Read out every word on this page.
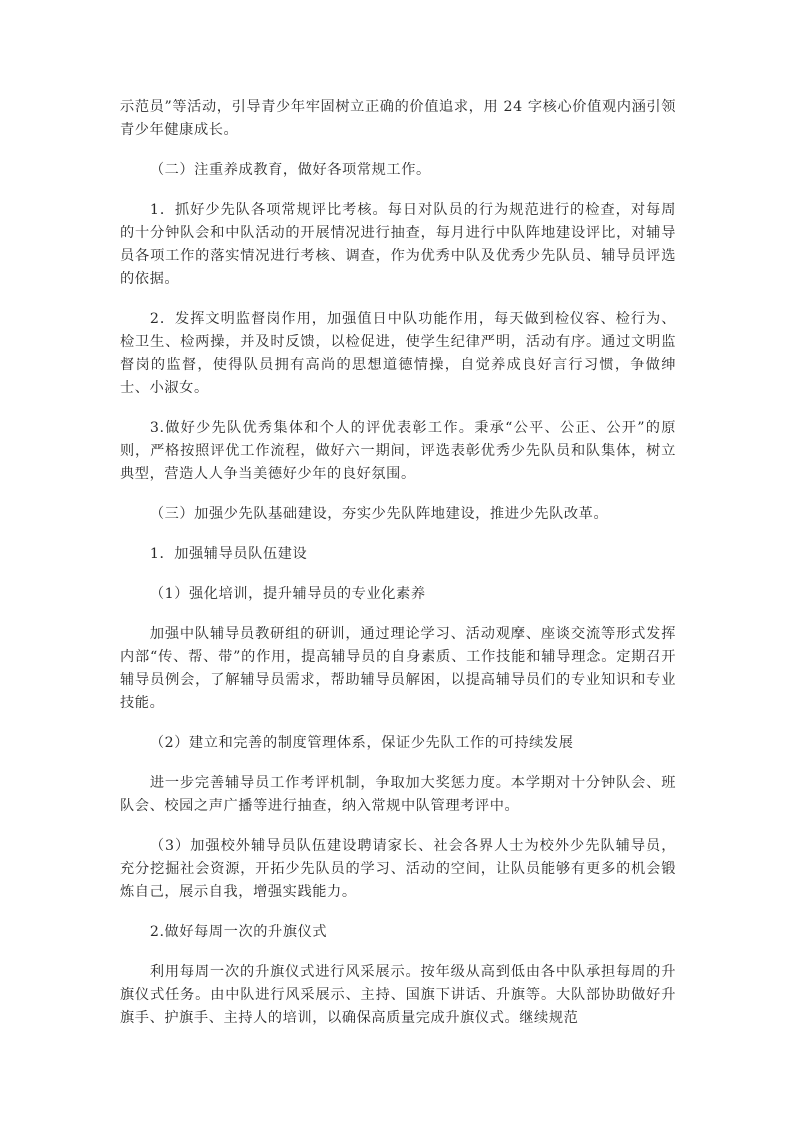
示范员”等活动，引导青少年牢固树立正确的价值追求，用 24 字核心价值观内涵引领青少年健康成长。

（二）注重养成教育，做好各项常规工作。

1．抓好少先队各项常规评比考核。每日对队员的行为规范进行的检查，对每周的十分钟队会和中队活动的开展情况进行抽查，每月进行中队阵地建设评比，对辅导员各项工作的落实情况进行考核、调查，作为优秀中队及优秀少先队员、辅导员评选的依据。

2．发挥文明监督岗作用，加强值日中队功能作用，每天做到检仪容、检行为、检卫生、检两操，并及时反馈，以检促进，使学生纪律严明，活动有序。通过文明监督岗的监督，使得队员拥有高尚的思想道德情操，自觉养成良好言行习惯，争做绅士、小淑女。

3.做好少先队优秀集体和个人的评优表彰工作。秉承“公平、公正、公开”的原则，严格按照评优工作流程，做好六一期间，评选表彰优秀少先队员和队集体，树立典型，营造人人争当美德好少年的良好氛围。

（三）加强少先队基础建设，夯实少先队阵地建设，推进少先队改革。

1．加强辅导员队伍建设

（1）强化培训，提升辅导员的专业化素养

加强中队辅导员教研组的研训，通过理论学习、活动观摩、座谈交流等形式发挥内部“传、帮、带”的作用，提高辅导员的自身素质、工作技能和辅导理念。定期召开辅导员例会，了解辅导员需求，帮助辅导员解困，以提高辅导员们的专业知识和专业技能。

（2）建立和完善的制度管理体系，保证少先队工作的可持续发展

进一步完善辅导员工作考评机制，争取加大奖惩力度。本学期对十分钟队会、班队会、校园之声广播等进行抽查，纳入常规中队管理考评中。

（3）加强校外辅导员队伍建设聘请家长、社会各界人士为校外少先队辅导员，充分挖掘社会资源，开拓少先队员的学习、活动的空间，让队员能够有更多的机会锻炼自己，展示自我，增强实践能力。

2.做好每周一次的升旗仪式

利用每周一次的升旗仪式进行风采展示。按年级从高到低由各中队承担每周的升旗仪式任务。由中队进行风采展示、主持、国旗下讲话、升旗等。大队部协助做好升旗手、护旗手、主持人的培训，以确保高质量完成升旗仪式。继续规范
